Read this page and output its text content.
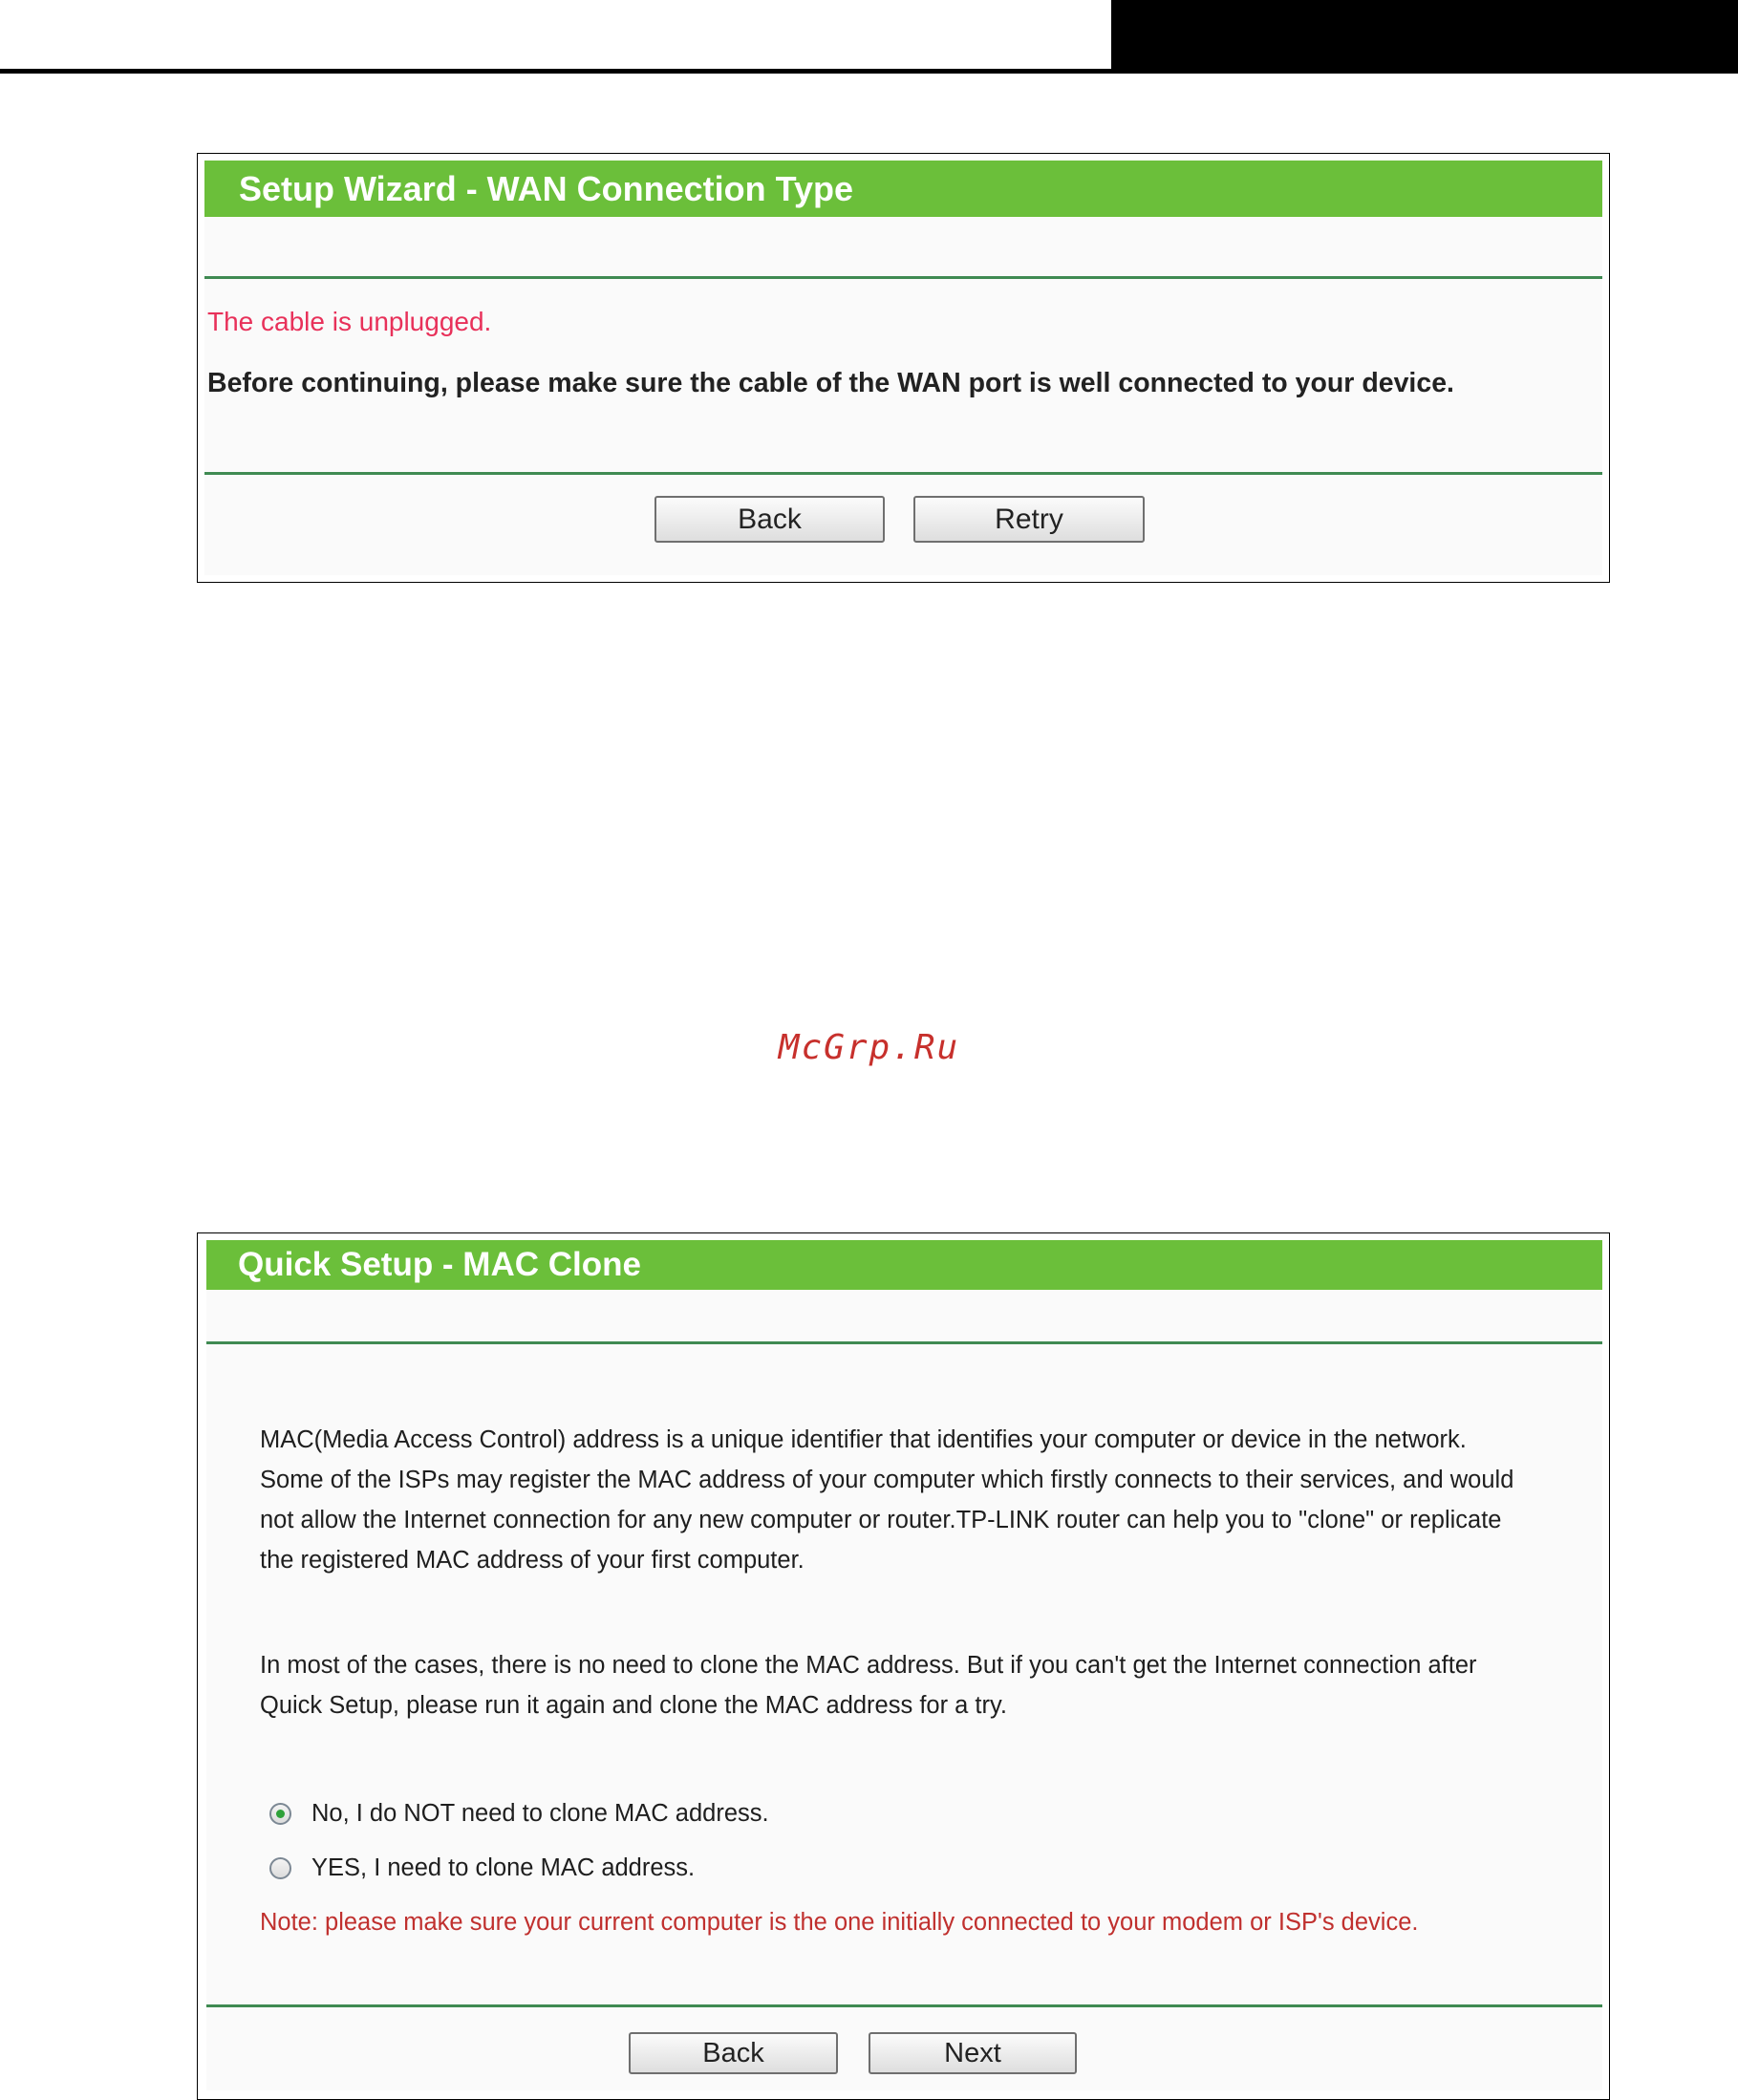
Setup Wizard - WAN Connection Type
The cable is unplugged.
Before continuing, please make sure the cable of the WAN port is well connected to your device.
Back	Retry
McGrp.Ru
Quick Setup - MAC Clone

MAC(Media Access Control) address is a unique identifier that identifies your computer or device in the network.
Some of the ISPs may register the MAC address of your computer which firstly connects to their services, and would
not allow the Internet connection for any new computer or router.TP-LINK router can help you to "clone" or replicate
the registered MAC address of your first computer.

In most of the cases, there is no need to clone the MAC address. But if you can't get the Internet connection after
Quick Setup, please run it again and clone the MAC address for a try.

No, I do NOT need to clone MAC address.
YES, I need to clone MAC address.
Note: please make sure your current computer is the one initially connected to your modem or ISP's device.
Back	Next
